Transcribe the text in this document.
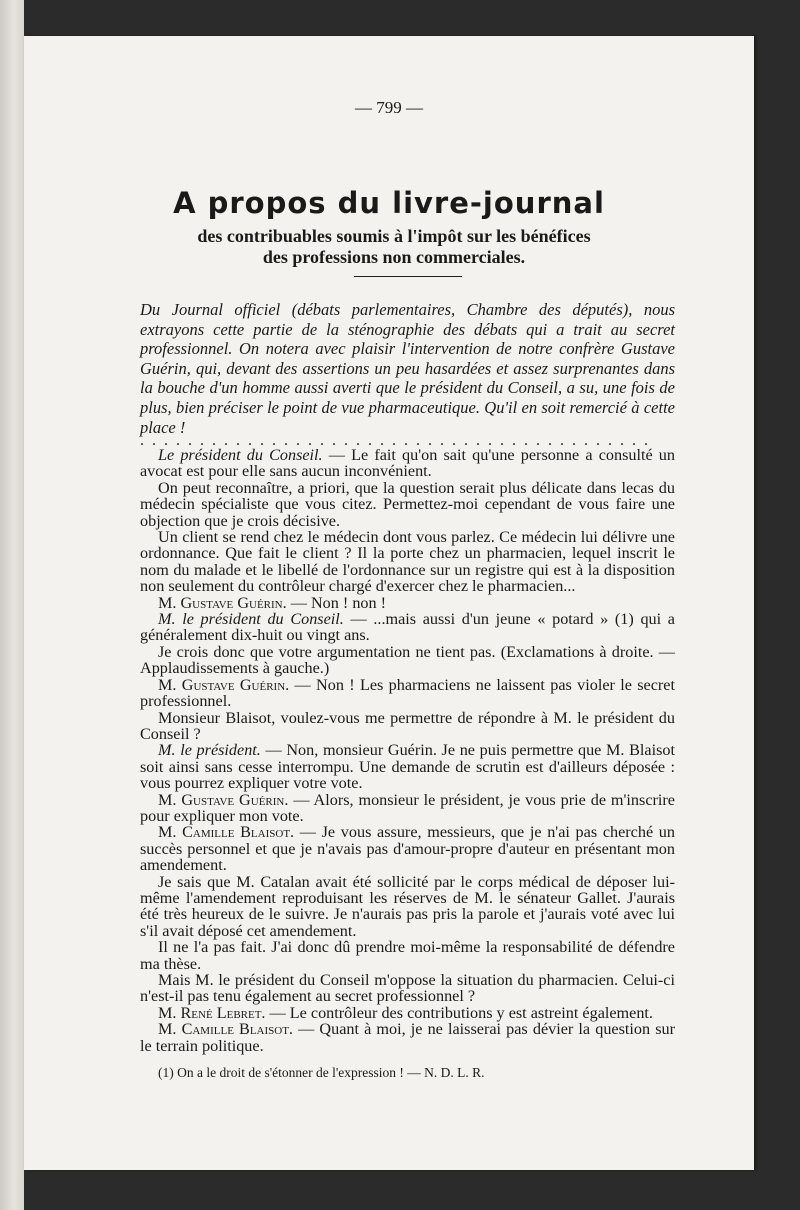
— 799 —
A propos du livre-journal
des contribuables soumis à l'impôt sur les bénéfices
des professions non commerciales.
Du Journal officiel (débats parlementaires, Chambre des députés), nous extrayons cette partie de la sténographie des débats qui a trait au secret professionnel. On notera avec plaisir l'intervention de notre confrère Gustave Guérin, qui, devant des assertions un peu hasardées et assez surprenantes dans la bouche d'un homme aussi averti que le président du Conseil, a su, une fois de plus, bien préciser le point de vue pharmaceutique. Qu'il en soit remercié à cette place !
...........................................

Le président du Conseil. — Le fait qu'on sait qu'une personne a consulté un avocat est pour elle sans aucun inconvénient.

On peut reconnaître, a priori, que la question serait plus délicate dans lecas du médecin spécialiste que vous citez. Permettez-moi cependant de vous faire une objection que je crois décisive.

Un client se rend chez le médecin dont vous parlez. Ce médecin lui délivre une ordonnance. Que fait le client ? Il la porte chez un pharmacien, lequel inscrit le nom du malade et le libellé de l'ordonnance sur un registre qui est à la disposition non seulement du contrôleur chargé d'exercer chez le pharmacien...

M. Gustave Guérin. — Non ! non !

M. le président du Conseil. — ...mais aussi d'un jeune « potard » (1) qui a généralement dix-huit ou vingt ans.

Je crois donc que votre argumentation ne tient pas. (Exclamations à droite. — Applaudissements à gauche.)

M. Gustave Guérin. — Non ! Les pharmaciens ne laissent pas violer le secret professionnel.

Monsieur Blaisot, voulez-vous me permettre de répondre à M. le président du Conseil ?

M. le président. — Non, monsieur Guérin. Je ne puis permettre que M. Blaisot soit ainsi sans cesse interrompu. Une demande de scrutin est d'ailleurs déposée : vous pourrez expliquer votre vote.

M. Gustave Guérin. — Alors, monsieur le président, je vous prie de m'inscrire pour expliquer mon vote.

M. Camille Blaisot. — Je vous assure, messieurs, que je n'ai pas cherché un succès personnel et que je n'avais pas d'amour-propre d'auteur en présentant mon amendement.

Je sais que M. Catalan avait été sollicité par le corps médical de déposer lui-même l'amendement reproduisant les réserves de M. le sénateur Gallet. J'aurais été très heureux de le suivre. Je n'aurais pas pris la parole et j'aurais voté avec lui s'il avait déposé cet amendement.

Il ne l'a pas fait. J'ai donc dû prendre moi-même la responsabilité de défendre ma thèse.

Mais M. le président du Conseil m'oppose la situation du pharmacien. Celui-ci n'est-il pas tenu également au secret professionnel ?

M. René Lebret. — Le contrôleur des contributions y est astreint également.

M. Camille Blaisot. — Quant à moi, je ne laisserai pas dévier la question sur le terrain politique.

(1) On a le droit de s'étonner de l'expression ! — N. D. L. R.
